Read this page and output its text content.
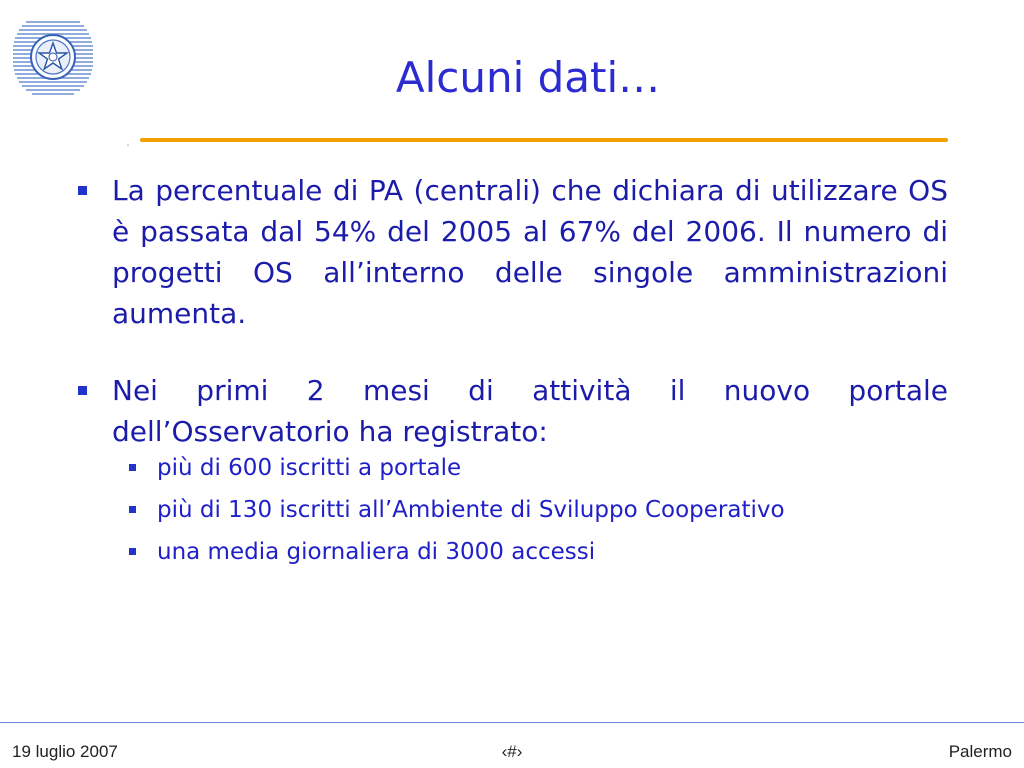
Alcuni dati…
La percentuale di PA (centrali) che dichiara di utilizzare OS è passata dal 54% del 2005 al 67% del 2006. Il numero di progetti OS all’interno delle singole amministrazioni aumenta.
Nei primi 2 mesi di attività il nuovo portale dell’Osservatorio ha registrato:
più di 600 iscritti a portale
più di 130 iscritti all’Ambiente di Sviluppo Cooperativo
una media giornaliera di 3000 accessi
19 luglio 2007	‹#›	Palermo
